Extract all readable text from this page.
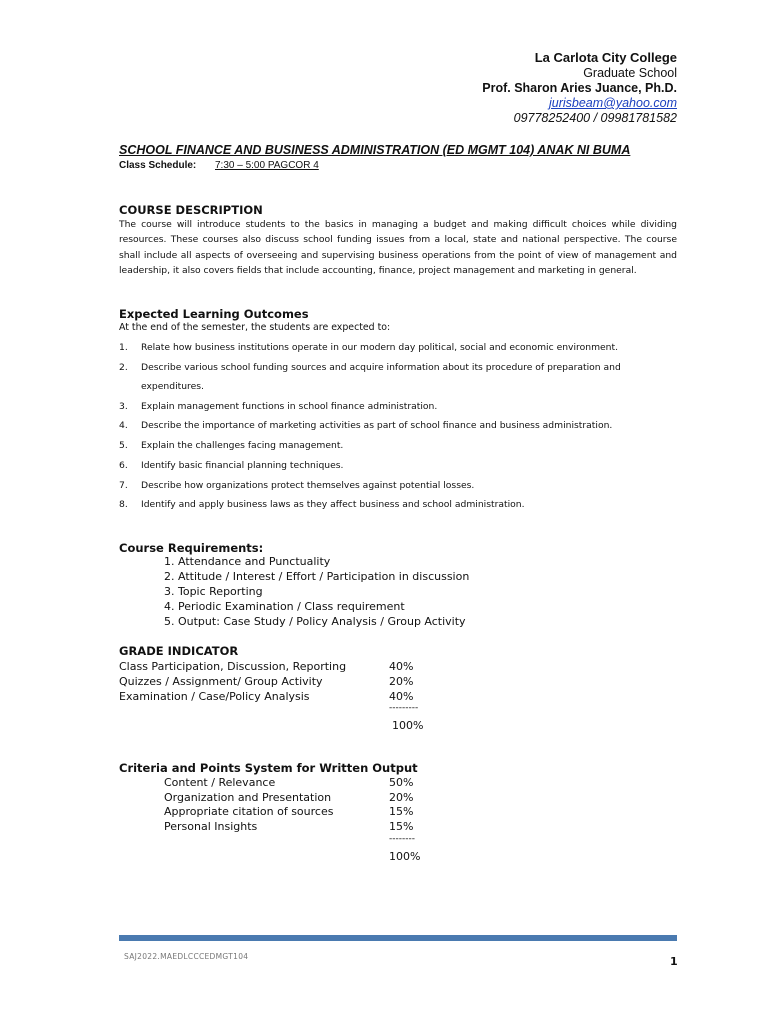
La Carlota City College
Graduate School
Prof. Sharon Aries Juance, Ph.D.
jurisbeam@yahoo.com
09778252400 / 09981781582
SCHOOL FINANCE AND BUSINESS ADMINISTRATION (ED MGMT 104) ANAK NI BUMA
Class Schedule: 7:30 – 5:00 PAGCOR 4
COURSE DESCRIPTION
The course will introduce students to the basics in managing a budget and making difficult choices while dividing resources. These courses also discuss school funding issues from a local, state and national perspective. The course shall include all aspects of overseeing and supervising business operations from the point of view of management and leadership, it also covers fields that include accounting, finance, project management and marketing in general.
Expected Learning Outcomes
At the end of the semester, the students are expected to:
1. Relate how business institutions operate in our modern day political, social and economic environment.
2. Describe various school funding sources and acquire information about its procedure of preparation and
expenditures.
3. Explain management functions in school finance administration.
4. Describe the importance of marketing activities as part of school finance and business administration.
5. Explain the challenges facing management.
6. Identify basic financial planning techniques.
7. Describe how organizations protect themselves against potential losses.
8. Identify and apply business laws as they affect business and school administration.
Course Requirements:
1. Attendance and Punctuality
2. Attitude / Interest / Effort / Participation in discussion
3. Topic Reporting
4. Periodic Examination / Class requirement
5. Output: Case Study / Policy Analysis / Group Activity
GRADE INDICATOR
Class Participation, Discussion, Reporting	40%
Quizzes / Assignment/ Group Activity	20%
Examination / Case/Policy Analysis	40%
---------
100%
Criteria and Points System for Written Output
Content / Relevance	50%
Organization and Presentation	20%
Appropriate citation of sources	15%
Personal Insights	15%
--------
100%
SAJ2022.MAEDLCCCEDMGT104	1
